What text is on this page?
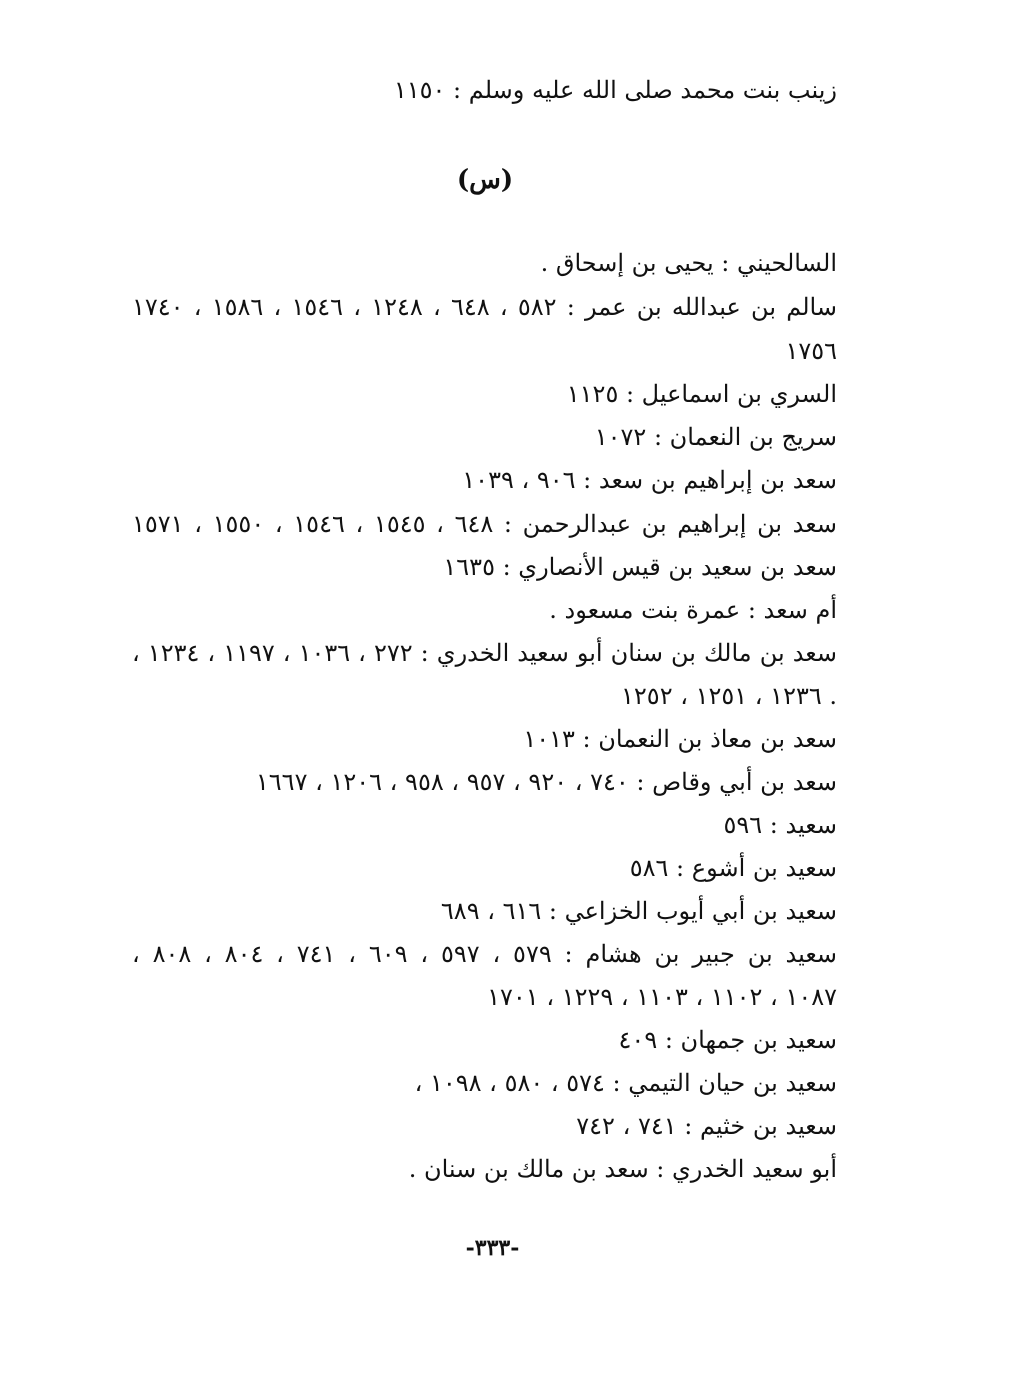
زينب بنت محمد صلى الله عليه وسلم : ١١٥٠
(س)
السالحيني : يحيى بن إسحاق .
سالم بن عبدالله بن عمر : ٥٨٢ ، ٦٤٨ ، ١٢٤٨ ، ١٥٤٦ ، ١٥٨٦ ، ١٧٤٠
١٧٥٦
السري بن اسماعيل : ١١٢٥
سريج بن النعمان : ١٠٧٢
سعد بن إبراهيم بن سعد : ٩٠٦ ، ١٠٣٩
سعد بن إبراهيم بن عبدالرحمن : ٦٤٨ ، ١٥٤٥ ، ١٥٤٦ ، ١٥٥٠ ، ١٥٧١
سعد بن سعيد بن قيس الأنصاري : ١٦٣٥
أم سعد : عمرة بنت مسعود .
سعد بن مالك بن سنان أبو سعيد الخدري : ٢٧٢ ، ١٠٣٦ ، ١١٩٧ ، ١٢٣٤ ،
١٢٣٦ ، ١٢٥١ ، ١٢٥٢ .
سعد بن معاذ بن النعمان : ١٠١٣
سعد بن أبي وقاص : ٧٤٠ ، ٩٢٠ ، ٩٥٧ ، ٩٥٨ ، ١٢٠٦ ، ١٦٦٧
سعيد : ٥٩٦
سعيد بن أشوع : ٥٨٦
سعيد بن أبي أيوب الخزاعي : ٦١٦ ، ٦٨٩
سعيد بن جبير بن هشام : ٥٧٩ ، ٥٩٧ ، ٦٠٩ ، ٧٤١ ، ٨٠٤ ، ٨٠٨ ،
١٠٨٧ ، ١١٠٢ ، ١١٠٣ ، ١٢٢٩ ، ١٧٠١
سعيد بن جمهان : ٤٠٩
سعيد بن حيان التيمي : ٥٧٤ ، ٥٨٠ ، ١٠٩٨ ،
سعيد بن خثيم : ٧٤١ ، ٧٤٢
أبو سعيد الخدري : سعد بن مالك بن سنان .
-٣٣٣-
